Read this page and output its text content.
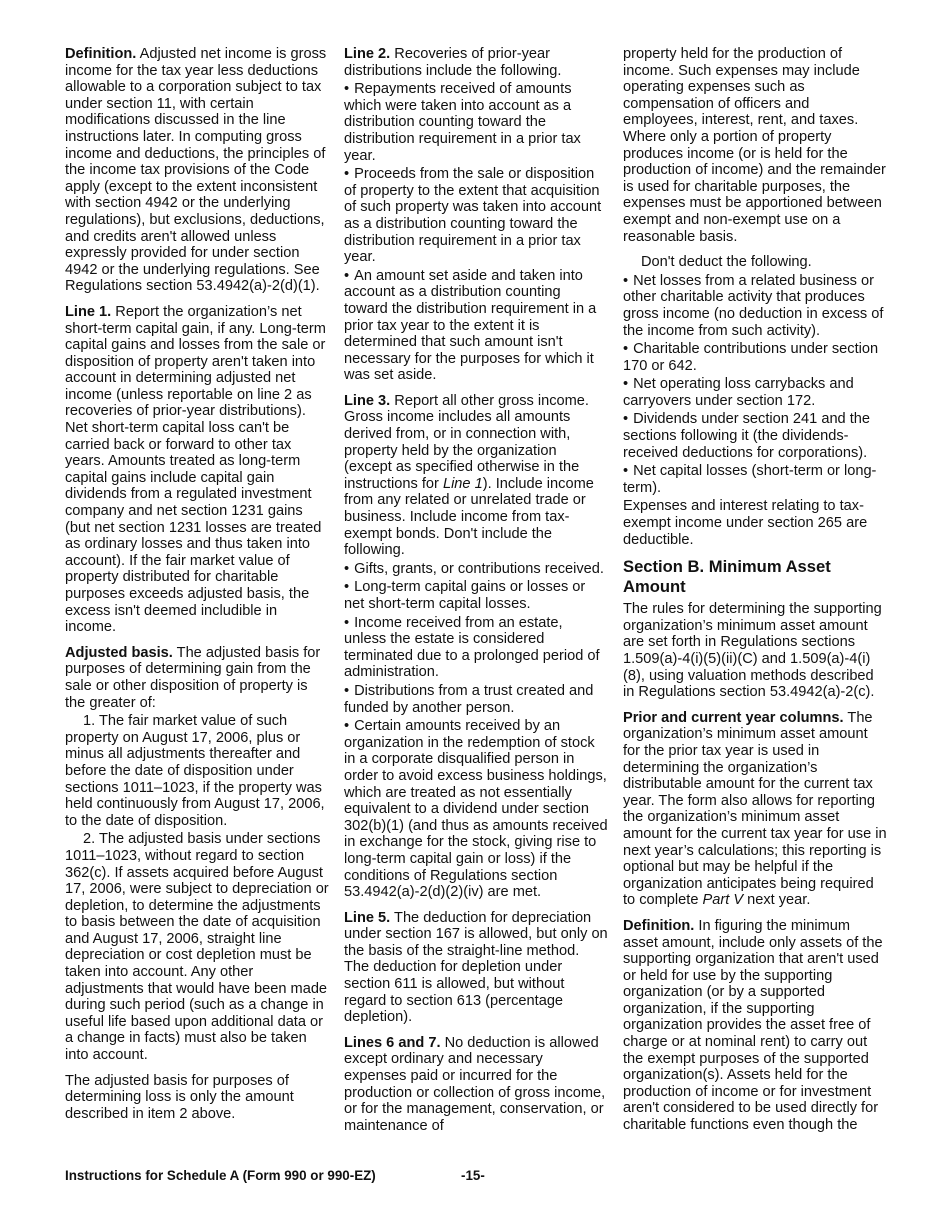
Definition. Adjusted net income is gross income for the tax year less deductions allowable to a corporation subject to tax under section 11, with certain modifications discussed in the line instructions later. In computing gross income and deductions, the principles of the income tax provisions of the Code apply (except to the extent inconsistent with section 4942 or the underlying regulations), but exclusions, deductions, and credits aren't allowed unless expressly provided for under section 4942 or the underlying regulations. See Regulations section 53.4942(a)-2(d)(1).

Line 1. Report the organization’s net short-term capital gain, if any. Long-term capital gains and losses from the sale or disposition of property aren't taken into account in determining adjusted net income (unless reportable on line 2 as recoveries of prior-year distributions). Net short-term capital loss can't be carried back or forward to other tax years. Amounts treated as long-term capital gains include capital gain dividends from a regulated investment company and net section 1231 gains (but net section 1231 losses are treated as ordinary losses and thus taken into account). If the fair market value of property distributed for charitable purposes exceeds adjusted basis, the excess isn't deemed includible in income.

Adjusted basis. The adjusted basis for purposes of determining gain from the sale or other disposition of property is the greater of:

1. The fair market value of such property on August 17, 2006, plus or minus all adjustments thereafter and before the date of disposition under sections 1011–1023, if the property was held continuously from August 17, 2006, to the date of disposition.

2. The adjusted basis under sections 1011–1023, without regard to section 362(c). If assets acquired before August 17, 2006, were subject to depreciation or depletion, to determine the adjustments to basis between the date of acquisition and August 17, 2006, straight line depreciation or cost depletion must be taken into account. Any other adjustments that would have been made during such period (such as a change in useful life based upon additional data or a change in facts) must also be taken into account.

The adjusted basis for purposes of determining loss is only the amount described in item 2 above.

Line 2. Recoveries of prior-year distributions include the following.

• Repayments received of amounts which were taken into account as a distribution counting toward the distribution requirement in a prior tax year.
• Proceeds from the sale or disposition of property to the extent that acquisition of such property was taken into account as a distribution counting toward the distribution requirement in a prior tax year.
• An amount set aside and taken into account as a distribution counting toward the distribution requirement in a prior tax year to the extent it is determined that such amount isn't necessary for the purposes for which it was set aside.

Line 3. Report all other gross income. Gross income includes all amounts derived from, or in connection with, property held by the organization (except as specified otherwise in the instructions for Line 1). Include income from any related or unrelated trade or business. Include income from tax-exempt bonds. Don't include the following.

• Gifts, grants, or contributions received.
• Long-term capital gains or losses or net short-term capital losses.
• Income received from an estate, unless the estate is considered terminated due to a prolonged period of administration.
• Distributions from a trust created and funded by another person.
• Certain amounts received by an organization in the redemption of stock in a corporate disqualified person in order to avoid excess business holdings, which are treated as not essentially equivalent to a dividend under section 302(b)(1) (and thus as amounts received in exchange for the stock, giving rise to long-term capital gain or loss) if the conditions of Regulations section 53.4942(a)-2(d)(2)(iv) are met.

Line 5. The deduction for depreciation under section 167 is allowed, but only on the basis of the straight-line method. The deduction for depletion under section 611 is allowed, but without regard to section 613 (percentage depletion).

Lines 6 and 7. No deduction is allowed except ordinary and necessary expenses paid or incurred for the production or collection of gross income, or for the management, conservation, or maintenance of

property held for the production of income. Such expenses may include operating expenses such as compensation of officers and employees, interest, rent, and taxes. Where only a portion of property produces income (or is held for the production of income) and the remainder is used for charitable purposes, the expenses must be apportioned between exempt and non-exempt use on a reasonable basis.

Don't deduct the following.

• Net losses from a related business or other charitable activity that produces gross income (no deduction in excess of the income from such activity).
• Charitable contributions under section 170 or 642.
• Net operating loss carrybacks and carryovers under section 172.
• Dividends under section 241 and the sections following it (the dividends-received deductions for corporations).
• Net capital losses (short-term or long-term).

Expenses and interest relating to tax-exempt income under section 265 are deductible.

Section B. Minimum Asset Amount

The rules for determining the supporting organization’s minimum asset amount are set forth in Regulations sections 1.509(a)-4(i)(5)(ii)(C) and 1.509(a)-4(i)(8), using valuation methods described in Regulations section 53.4942(a)-2(c).

Prior and current year columns. The organization’s minimum asset amount for the prior tax year is used in determining the organization’s distributable amount for the current tax year. The form also allows for reporting the organization’s minimum asset amount for the current tax year for use in next year’s calculations; this reporting is optional but may be helpful if the organization anticipates being required to complete Part V next year.

Definition. In figuring the minimum asset amount, include only assets of the supporting organization that aren't used or held for use by the supporting organization (or by a supported organization, if the supporting organization provides the asset free of charge or at nominal rent) to carry out the exempt purposes of the supported organization(s). Assets held for the production of income or for investment aren't considered to be used directly for charitable functions even though the

Instructions for Schedule A (Form 990 or 990-EZ)	-15-
